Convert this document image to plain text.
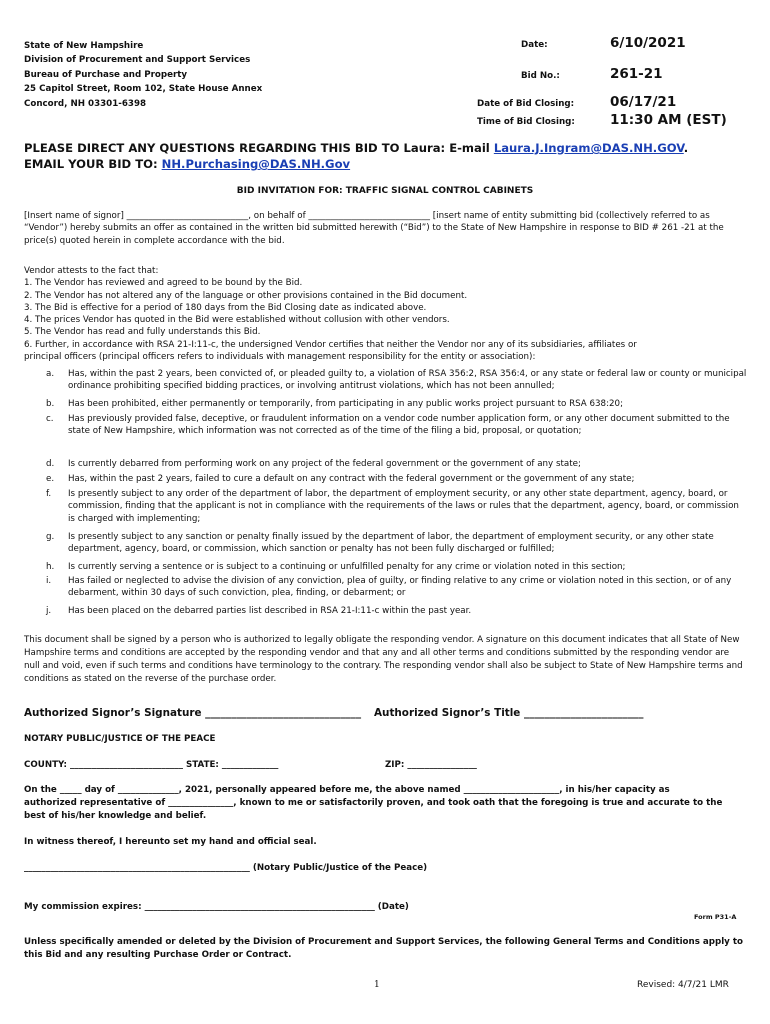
State of New Hampshire
Division of Procurement and Support Services
Bureau of Purchase and Property
25 Capitol Street, Room 102, State House Annex
Concord, NH 03301-6398
Date:	6/10/2021
Bid No.:	261-21
Date of Bid Closing:	06/17/21
Time of Bid Closing:	11:30 AM (EST)
PLEASE DIRECT ANY QUESTIONS REGARDING THIS BID TO Laura: E-mail Laura.J.Ingram@DAS.NH.GOV.
EMAIL YOUR BID TO: NH.Purchasing@DAS.NH.Gov
BID INVITATION FOR: TRAFFIC SIGNAL CONTROL CABINETS
[Insert name of signor] ____________________________, on behalf of ____________________________ [insert name of entity submitting bid (collectively referred to as “Vendor”) hereby submits an offer as contained in the written bid submitted herewith (“Bid”) to the State of New Hampshire in response to BID # 261 -21 at the price(s) quoted herein in complete accordance with the bid.
Vendor attests to the fact that:
1. The Vendor has reviewed and agreed to be bound by the Bid.
2. The Vendor has not altered any of the language or other provisions contained in the Bid document.
3. The Bid is effective for a period of 180 days from the Bid Closing date as indicated above.
4. The prices Vendor has quoted in the Bid were established without collusion with other vendors.
5. The Vendor has read and fully understands this Bid.
6. Further, in accordance with RSA 21-I:11-c, the undersigned Vendor certifies that neither the Vendor nor any of its subsidiaries, affiliates or
principal officers (principal officers refers to individuals with management responsibility for the entity or association):
a. Has, within the past 2 years, been convicted of, or pleaded guilty to, a violation of RSA 356:2, RSA 356:4, or any state or federal law or county or municipal ordinance prohibiting specified bidding practices, or involving antitrust violations, which has not been annulled;
b. Has been prohibited, either permanently or temporarily, from participating in any public works project pursuant to RSA 638:20;
c. Has previously provided false, deceptive, or fraudulent information on a vendor code number application form, or any other document submitted to the state of New Hampshire, which information was not corrected as of the time of the filing a bid, proposal, or quotation;
d. Is currently debarred from performing work on any project of the federal government or the government of any state;
e. Has, within the past 2 years, failed to cure a default on any contract with the federal government or the government of any state;
f. Is presently subject to any order of the department of labor, the department of employment security, or any other state department, agency, board, or commission, finding that the applicant is not in compliance with the requirements of the laws or rules that the department, agency, board, or commission is charged with implementing;
g. Is presently subject to any sanction or penalty finally issued by the department of labor, the department of employment security, or any other state department, agency, board, or commission, which sanction or penalty has not been fully discharged or fulfilled;
h. Is currently serving a sentence or is subject to a continuing or unfulfilled penalty for any crime or violation noted in this section;
i. Has failed or neglected to advise the division of any conviction, plea of guilty, or finding relative to any crime or violation noted in this section, or of any debarment, within 30 days of such conviction, plea, finding, or debarment; or
j. Has been placed on the debarred parties list described in RSA 21-I:11-c within the past year.
This document shall be signed by a person who is authorized to legally obligate the responding vendor. A signature on this document indicates that all State of New Hampshire terms and conditions are accepted by the responding vendor and that any and all other terms and conditions submitted by the responding vendor are null and void, even if such terms and conditions have terminology to the contrary. The responding vendor shall also be subject to State of New Hampshire terms and conditions as stated on the reverse of the purchase order.
Authorized Signor’s Signature ______________________________ Authorized Signor’s Title _______________________
NOTARY PUBLIC/JUSTICE OF THE PEACE
COUNTY: __________________________ STATE: _____________	ZIP: ________________
On the _____ day of ______________, 2021, personally appeared before me, the above named ______________________, in his/her capacity as
authorized representative of _______________, known to me or satisfactorily proven, and took oath that the foregoing is true and accurate to the
best of his/her knowledge and belief.
In witness thereof, I hereunto set my hand and official seal.
____________________________________________________ (Notary Public/Justice of the Peace)
My commission expires: _____________________________________________________ (Date)
Form P31-A
Unless specifically amended or deleted by the Division of Procurement and Support Services, the following General Terms and Conditions apply to
this Bid and any resulting Purchase Order or Contract.
1	Revised: 4/7/21 LMR
